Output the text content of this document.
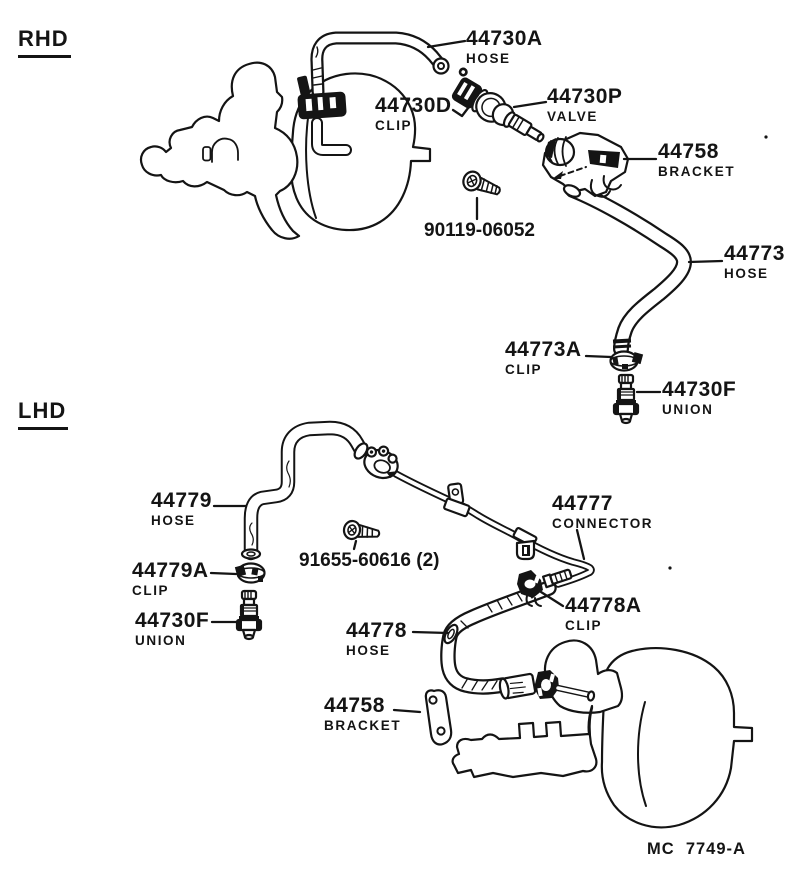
RHD
LHD
44730A
HOSE
44730D
CLIP
44730P
VALVE
44758
BRACKET
90119-06052
44773
HOSE
44773A
CLIP
44730F
UNION
44779
HOSE
44779A
CLIP
44730F
UNION
91655-60616 (2)
44777
CONNECTOR
44778A
CLIP
44778
HOSE
44758
BRACKET
MC  7749-A
